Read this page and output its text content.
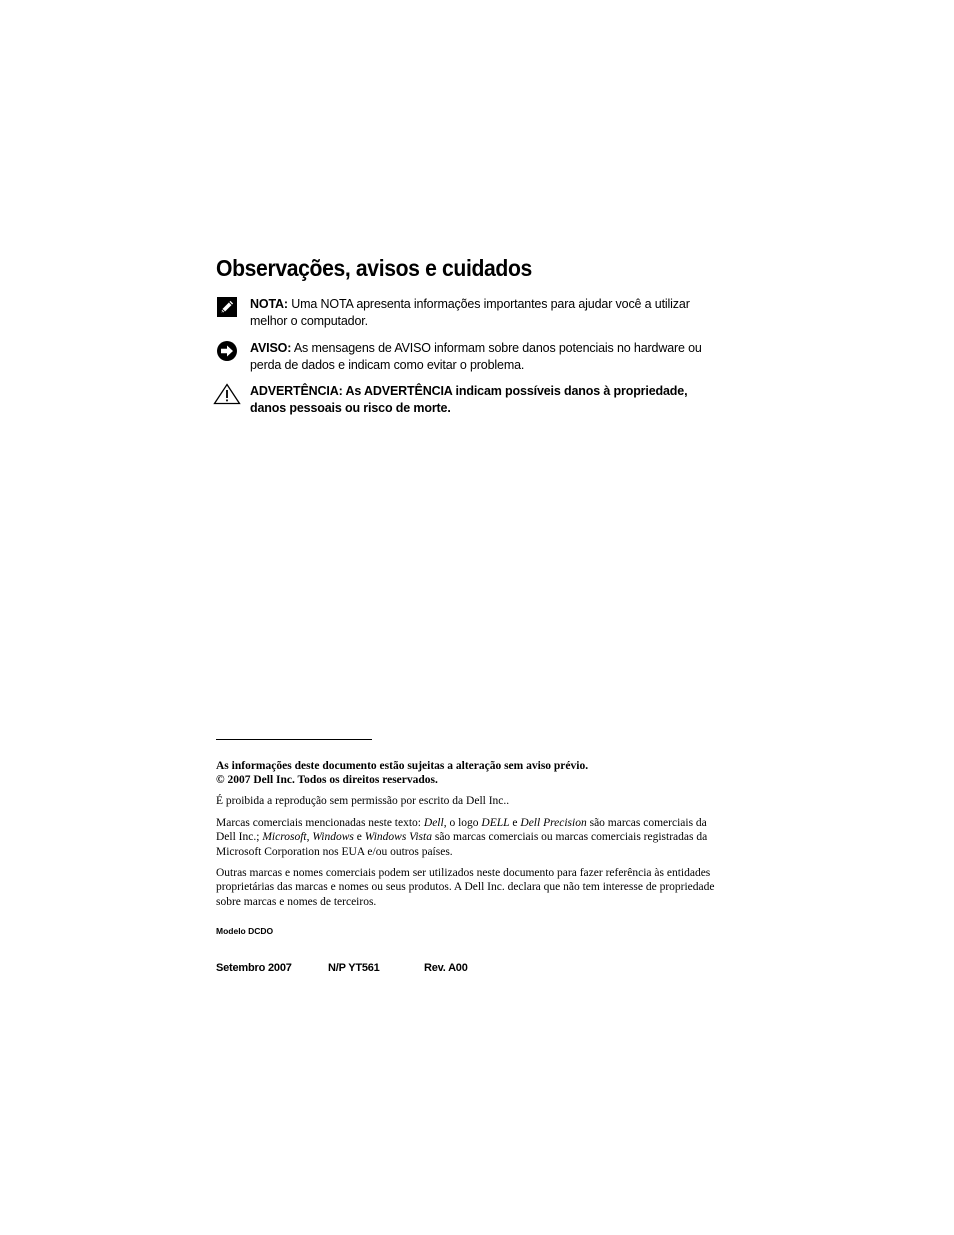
Observações, avisos e cuidados
NOTA: Uma NOTA apresenta informações importantes para ajudar você a utilizar melhor o computador.
AVISO: As mensagens de AVISO informam sobre danos potenciais no hardware ou perda de dados e indicam como evitar o problema.
ADVERTÊNCIA: As ADVERTÊNCIA indicam possíveis danos à propriedade, danos pessoais ou risco de morte.

As informações deste documento estão sujeitas a alteração sem aviso prévio.
© 2007 Dell Inc. Todos os direitos reservados.

É proibida a reprodução sem permissão por escrito da Dell Inc..

Marcas comerciais mencionadas neste texto: Dell, o logo DELL e Dell Precision são marcas comerciais da Dell Inc.; Microsoft, Windows e Windows Vista são marcas comerciais ou marcas comerciais registradas da Microsoft Corporation nos EUA e/ou outros países.

Outras marcas e nomes comerciais podem ser utilizados neste documento para fazer referência às entidades proprietárias das marcas e nomes ou seus produtos. A Dell Inc. declara que não tem interesse de propriedade sobre marcas e nomes de terceiros.

Modelo DCDO
Setembro 2007	N/P YT561	Rev. A00
